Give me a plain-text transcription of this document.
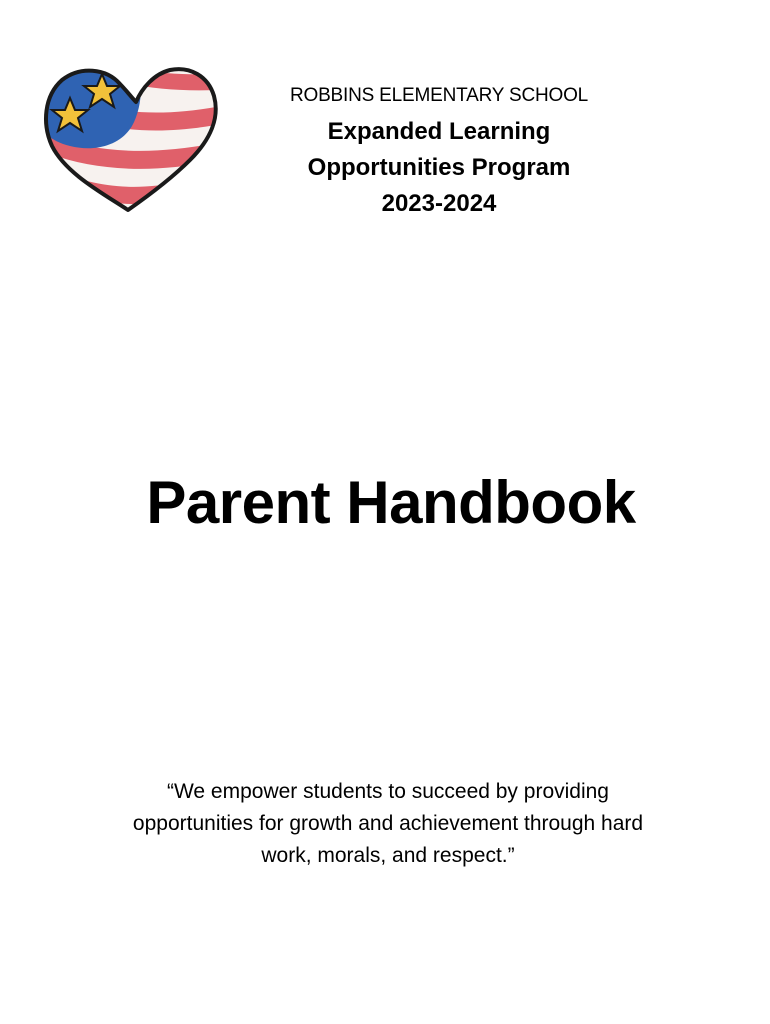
ROBBINS ELEMENTARY SCHOOL

Expanded Learning

Opportunities Program

2023-2024

Parent Handbook

“We empower students to succeed by providing
opportunities for growth and achievement through hard
work, morals, and respect.”
